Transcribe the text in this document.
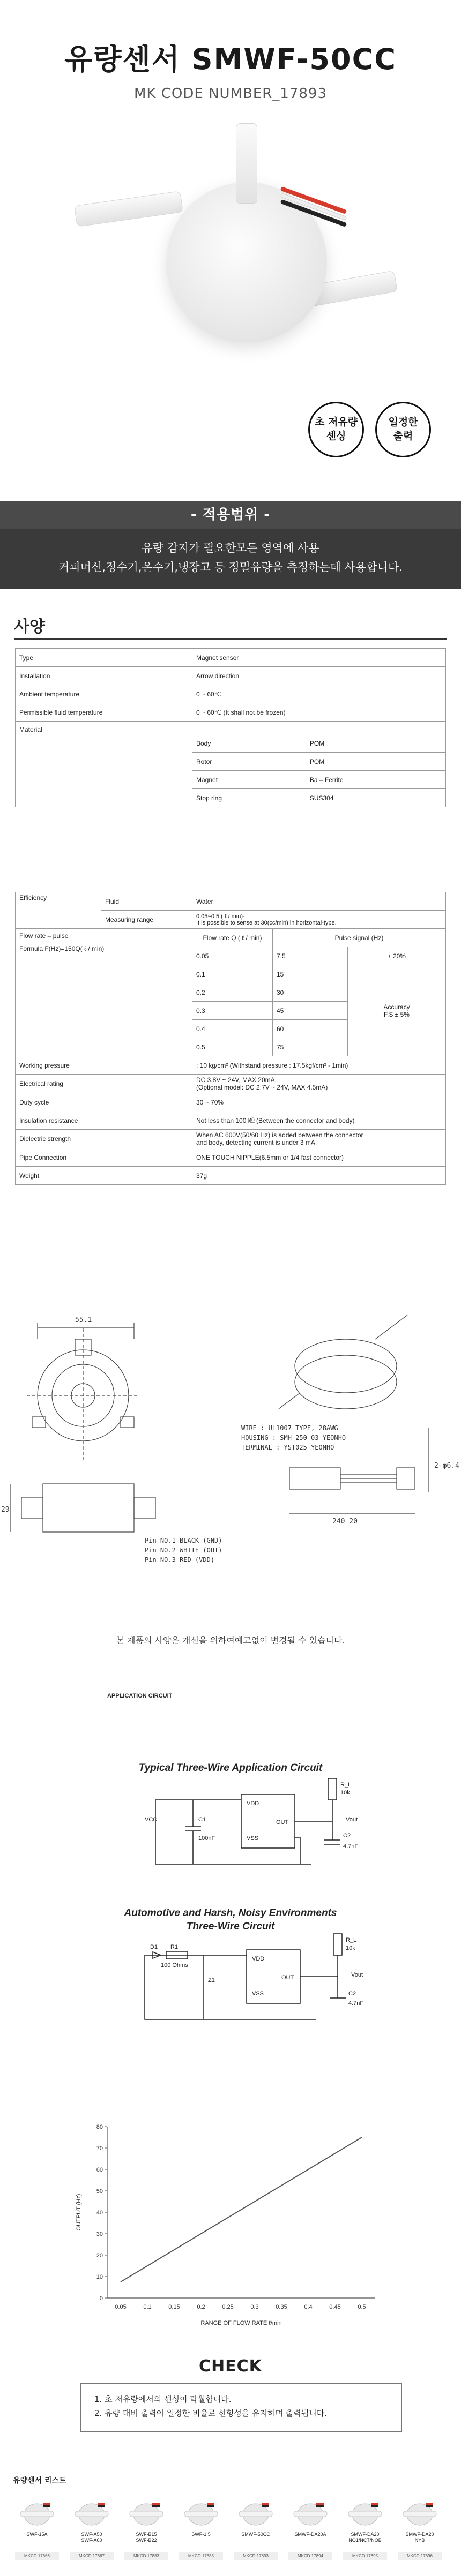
유량센서 SMWF-50CC
MK CODE NUMBER_17893
초 저유량
센싱
일정한
출력
- 적용범위 -
유량 감지가 필요한모든 영역에 사용
커피머신,정수기,온수기,냉장고 등 정밀유량을 측정하는데 사용합니다.
사양
Type	Magnet sensor	
Installation	Arrow direction	
Ambient temperature	0 ~ 60℃	
Permissible fluid temperature	0 ~ 60℃ (It shall not be frozen)	
Material		
	Body	POM
	Rotor	POM
	Magnet	Ba – Ferrite
	Stop ring	SUS304
Efficiency	Fluid	Water		
	Measuring range	0.05~0.5 ( ℓ / min)·
It is possible to sense at 30(cc/min) in horizontal-type.		

Flow rate – pulse
Formula F(Hz)=150Q( ℓ / min)		Flow rate Q ( ℓ / min)	Pulse signal (Hz)	
		0.05	7.5	± 20%
		0.1	15	Accuracy
F.S ± 5%
		0.2	30	
		0.3	45	
		0.4	60	
		0.5	75	
Working pressure		: 10 kg/cm² (Withstand pressure : 17.5kgf/cm² - 1min)		
Electrical rating		DC 3.8V ~ 24V, MAX 20mA,
(Optional model: DC 2.7V ~ 24V, MAX 4.5mA)		
Duty cycle		30 ~ 70%		
Insulation resistance		Not less than 100 ㏁ (Between the connector and body)		
Dielectric strength		When AC 600V(50/60 Hz) is added between the connector
and body, detecting current is under 3 mA.		
Pipe Connection		ONE TOUCH NIPPLE(6.5mm or 1/4 fast connector)		
Weight		37g		
55.1
29
2-φ6.4
240 20
WIRE : UL1007 TYPE, 28AWG
HOUSING : SMH-250-03 YEONHO
TERMINAL : YST025 YEONHO
Pin NO.1 BLACK (GND)
Pin NO.2 WHITE (OUT)
Pin NO.3 RED (VDD)
본 제품의 사양은 개선을 위하여예고없이 변경될 수 있습니다.
APPLICATION CIRCUIT
Typical Three-Wire Application Circuit
Automotive and Harsh, Noisy Environments
Three-Wire Circuit
VCC	C1
100nF
VDD
OUT
VSS
R_L
10k
Vout
C2
4.7nF
D1 R1
100 Ohms
Z1
VDD
OUT
VSS
R_L
10k
Vout
C2
4.7nF
0
10
20
30
40
50
60
70
80
0.05	0.1	0.15	0.2	0.25	0.3	0.35	0.4	0.45	0.5
RANGE OF FLOW RATE ℓ/min
OUTPUT (Hz)
CHECK
1. 초 저유량에서의 센싱이 탁월합니다.
2. 유량 대비 출력이 일정한 비율로 선형성을 유지하며 출력됩니다.
유량센서 리스트
SWF-15A
MKCD.17866
SWF-A50
SWF-A60
MKCD.17867
SWF-B15
SWF-B22
MKCD.17883
SWF-1.5
MKCD.17885
SMWF-50CC
MKCD.17893
SMWF-DA20A
MKCD.17894
SMWF-DA20
NO1/NCT/NOB
MKCD.17895
SMWF-DA20
NYB
MKCD.17896
